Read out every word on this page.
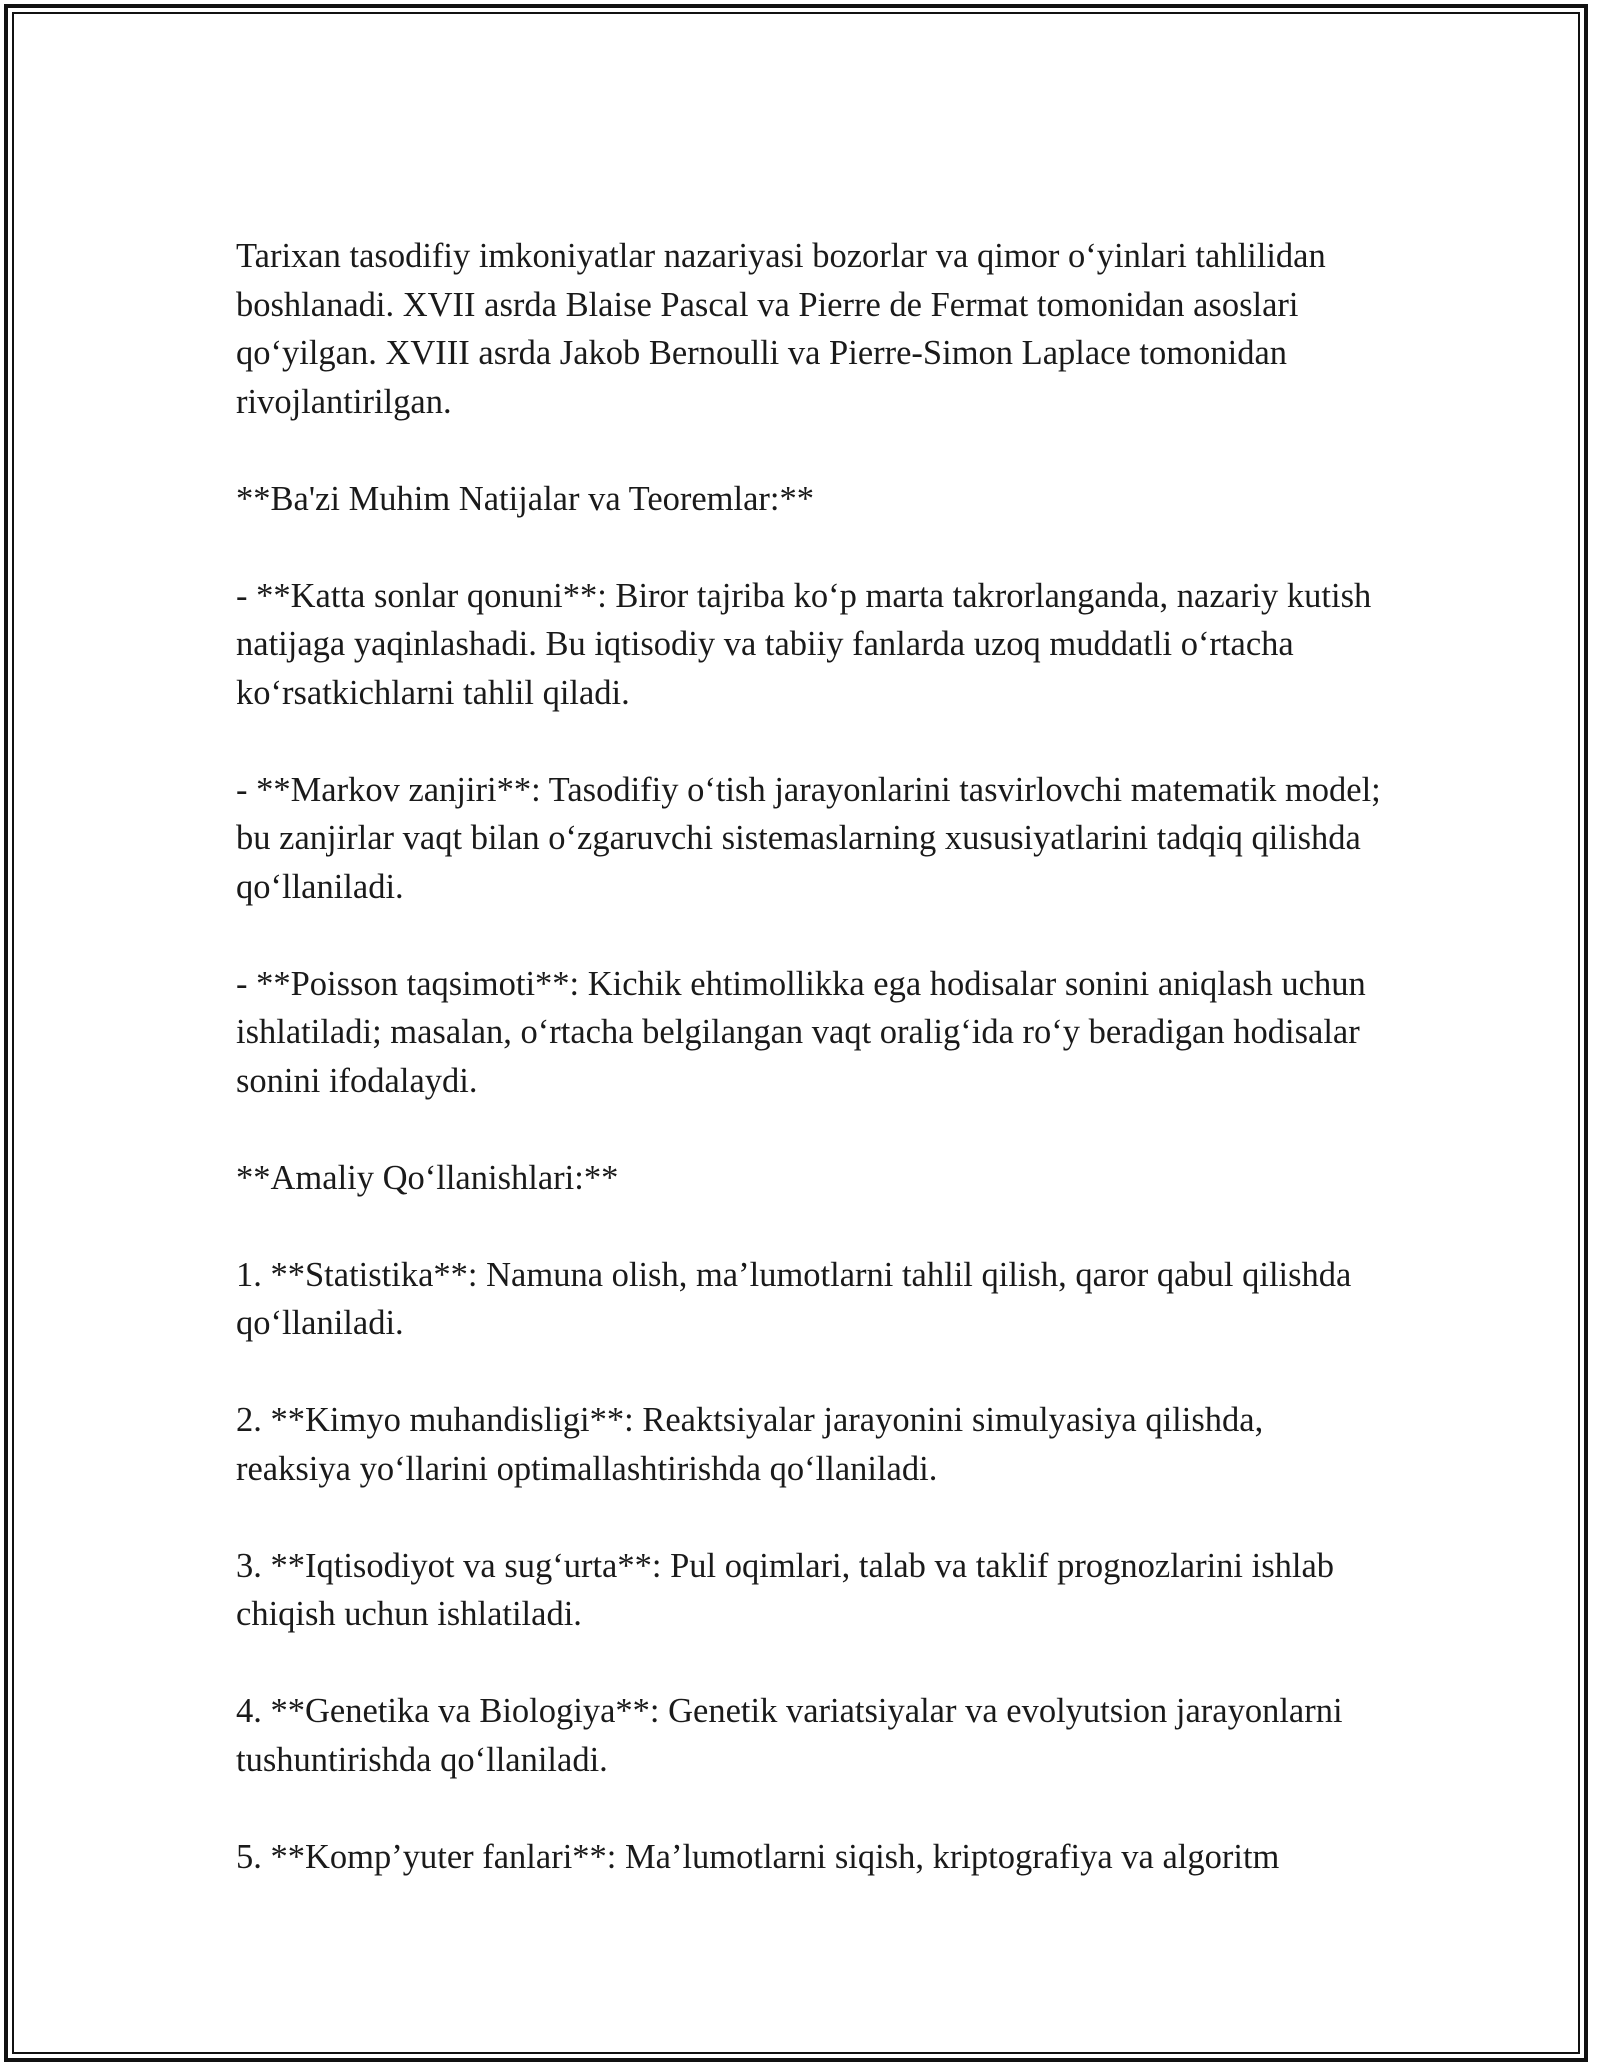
Tarixan tasodifiy imkoniyatlar nazariyasi bozorlar va qimor o‘yinlari tahlilidan boshlanadi. XVII asrda Blaise Pascal va Pierre de Fermat tomonidan asoslari qo‘yilgan. XVIII asrda Jakob Bernoulli va Pierre-Simon Laplace tomonidan rivojlantirilgan.

**Ba'zi Muhim Natijalar va Teoremlar:**

- **Katta sonlar qonuni**: Biror tajriba ko‘p marta takrorlanganda, nazariy kutish natijaga yaqinlashadi. Bu iqtisodiy va tabiiy fanlarda uzoq muddatli o‘rtacha ko‘rsatkichlarni tahlil qiladi.

- **Markov zanjiri**: Tasodifiy o‘tish jarayonlarini tasvirlovchi matematik model; bu zanjirlar vaqt bilan o‘zgaruvchi sistemaslarning xususiyatlarini tadqiq qilishda qo‘llaniladi.

- **Poisson taqsimoti**: Kichik ehtimollikka ega hodisalar sonini aniqlash uchun ishlatiladi; masalan, o‘rtacha belgilangan vaqt oralig‘ida ro‘y beradigan hodisalar sonini ifodalaydi.

**Amaliy Qo‘llanishlari:**

1. **Statistika**: Namuna olish, ma’lumotlarni tahlil qilish, qaror qabul qilishda qo‘llaniladi.

2. **Kimyo muhandisligi**: Reaktsiyalar jarayonini simulyasiya qilishda, reaksiya yo‘llarini optimallashtirishda qo‘llaniladi.

3. **Iqtisodiyot va sug‘urta**: Pul oqimlari, talab va taklif prognozlarini ishlab chiqish uchun ishlatiladi.

4. **Genetika va Biologiya**: Genetik variatsiyalar va evolyutsion jarayonlarni tushuntirishda qo‘llaniladi.

5. **Komp’yuter fanlari**: Ma’lumotlarni siqish, kriptografiya va algoritm
